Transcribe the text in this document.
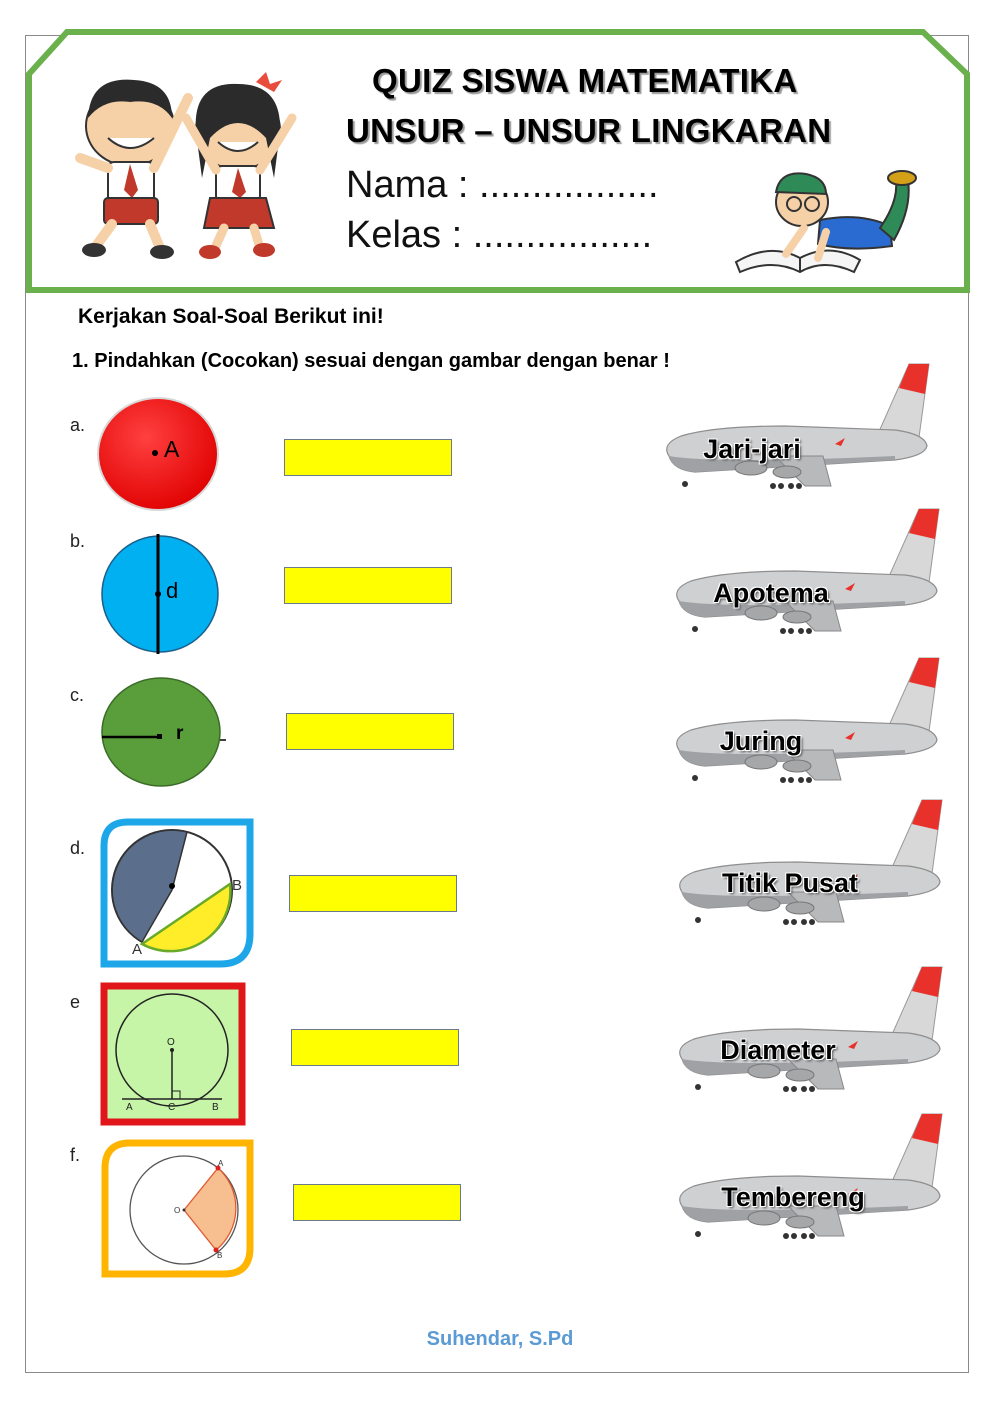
QUIZ SISWA MATEMATIKA
UNSUR – UNSUR LINGKARAN
Nama : .................
Kelas : .................
Kerjakan Soal-Soal Berikut ini!
1. Pindahkan (Cocokan) sesuai dengan gambar dengan benar !
a.
A
b.
d
c.
r
d.
B
A
e
O
A	C	B
f.	A
B
O
Jari-jari
Apotema
Juring
Titik Pusat
Diameter
Tembereng
Suhendar, S.Pd
